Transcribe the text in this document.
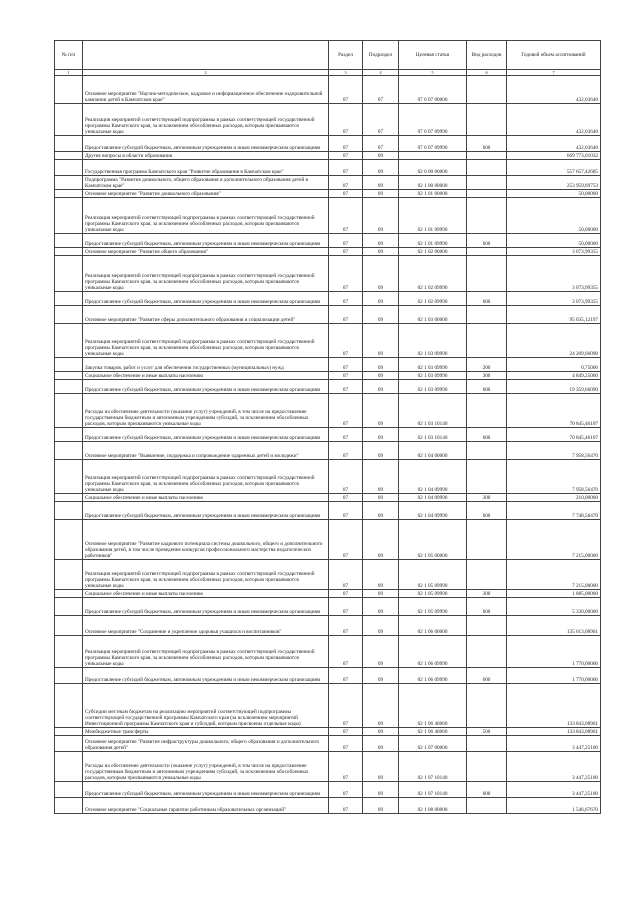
№ п/п		Раздел	Подраздел	Целевая статья	Вид расходов	Годовой объем ассигнований
1	2	3	4	5	6	7
	Основное мероприятие "Научно-методическое, кадровое и информационное обеспечение оздоровительной кампании детей в Камчатском крае"	07	07	07 6 07 00000		432,03640
	Реализация мероприятий соответствующей подпрограммы в рамках соответствующей государственной программы Камчатского края, за исключением обособленных расходов, которым присваиваются уникальные коды	07	07	07 6 07 09990		432,03640
	Предоставление субсидий бюджетным, автономным учреждениям и иным некоммерческим организациям	07	07	07 6 07 09990	600	432,03640
	Другие вопросы в области образования	07	09			669 773,01032
	Государственная программа Камчатского края "Развитие образования в Камчатском крае"	07	09	02 0 00 00000		557 657,42685
	Подпрограмма "Развитие дошкольного, общего образования и дополнительного образования детей в Камчатском крае"	07	09	02 1 00 00000		253 959,69753
	Основное мероприятие "Развитие дошкольного образования"	07	09	02 1 01 00000		50,00000
	Реализация мероприятий соответствующей подпрограммы в рамках соответствующей государственной программы Камчатского края, за исключением обособленных расходов, которым присваиваются уникальные коды	07	09	02 1 01 09990		50,00000
	Предоставление субсидий бюджетным, автономным учреждениям и иным некоммерческим организациям	07	09	02 1 01 09990	600	50,00000
	Основное мероприятие "Развитие общего образования"	07	09	02 1 02 00000		3 073,99355
	Реализация мероприятий соответствующей подпрограммы в рамках соответствующей государственной программы Камчатского края, за исключением обособленных расходов, которым присваиваются уникальные коды	07	09	02 1 02 09990		3 073,99355
	Предоставление субсидий бюджетным, автономным учреждениям и иным некоммерческим организациям	07	09	02 1 02 09990	600	3 073,99355
	Основное мероприятие "Развитие сферы дополнительного образования и социализации детей"	07	09	02 1 03 00000		95 035,12197
	Реализация мероприятий соответствующей подпрограммы в рамках соответствующей государственной программы Камчатского края, за исключением обособленных расходов, которым присваиваются уникальные коды	07	09	02 1 03 09990		24 209,66090
	Закупка товаров, работ и услуг для обеспечения государственных (муниципальных) нужд	07	09	02 1 03 09990	200	0,75000
	Социальное обеспечение и иные выплаты населению	07	09	02 1 03 09990	300	4 849,25000
	Предоставление субсидий бюджетным, автономным учреждениям и иным некоммерческим организациям	07	09	02 1 03 09990	600	19 359,66090
	Расходы на обеспечение деятельности (оказание услуг) учреждений, в том числе на предоставление государственным бюджетным и автономным учреждениям субсидий, за исключением обособленных расходов, которым присваиваются уникальные коды	07	09	02 1 03 10140		70 845,46107
	Предоставление субсидий бюджетным, автономным учреждениям и иным некоммерческим организациям	07	09	02 1 03 10140	600	70 845,46107
	Основное мероприятие "Выявление, поддержка и сопровождение одаренных детей и молодежи"	07	09	02 1 04 00000		7 958,56470
	Реализация мероприятий соответствующей подпрограммы в рамках соответствующей государственной программы Камчатского края, за исключением обособленных расходов, которым присваиваются уникальные коды	07	09	02 1 04 09990		7 958,56470
	Социальное обеспечение и иные выплаты населению	07	09	02 1 04 09990	300	210,00000
	Предоставление субсидий бюджетным, автономным учреждениям и иным некоммерческим организациям	07	09	02 1 04 09990	600	7 748,56470
	Основное мероприятие "Развитие кадрового потенциала системы дошкольного, общего и дополнительного образования детей, в том числе проведение конкурсов профессионального мастерства педагогических работников"	07	09	02 1 05 00000		7 215,00000
	Реализация мероприятий соответствующей подпрограммы в рамках соответствующей государственной программы Камчатского края, за исключением обособленных расходов, которым присваиваются уникальные коды	07	09	02 1 05 09990		7 215,00000
	Социальное обеспечение и иные выплаты населению	07	09	02 1 05 09990	300	1 885,00000
	Предоставление субсидий бюджетным, автономным учреждениям и иным некоммерческим организациям	07	09	02 1 05 09990	600	5 330,00000
	Основное мероприятие "Сохранение и укрепление здоровья учащихся и воспитанников"	07	09	02 1 06 00000		135 613,08961
	Реализация мероприятий соответствующей подпрограммы в рамках соответствующей государственной программы Камчатского края, за исключением обособленных расходов, которым присваиваются уникальные коды	07	09	02 1 06 09990		1 770,00000
	Предоставление субсидий бюджетным, автономным учреждениям и иным некоммерческим организациям	07	09	02 1 06 09990	600	1 770,00000
	Субсидии местным бюджетам на реализацию мероприятий соответствующей подпрограммы соответствующей государственной программы Камчатского края (за исключением мероприятий Инвестиционной программы Камчатского края и субсидий, которым присвоены отдельные коды)	07	09	02 1 06 40060		133 843,08961
	Межбюджетные трансферты	07	09	02 1 06 40060	500	133 843,08961
	Основное мероприятие "Развитие инфраструктуры дошкольного, общего образования и дополнительного образования детей"	07	09	02 1 07 00000		3 447,25100
	Расходы на обеспечение деятельности (оказание услуг) учреждений, в том числе на предоставление государственным бюджетным и автономным учреждениям субсидий, за исключением обособленных расходов, которым присваиваются уникальные коды	07	09	02 1 07 10140		3 447,25100
	Предоставление субсидий бюджетным, автономным учреждениям и иным некоммерческим организациям	07	09	02 1 07 10140	600	3 447,25100
	Основное мероприятие "Социальные гарантии работникам образовательных организаций"	07	09	02 1 08 00000		1 546,67670
